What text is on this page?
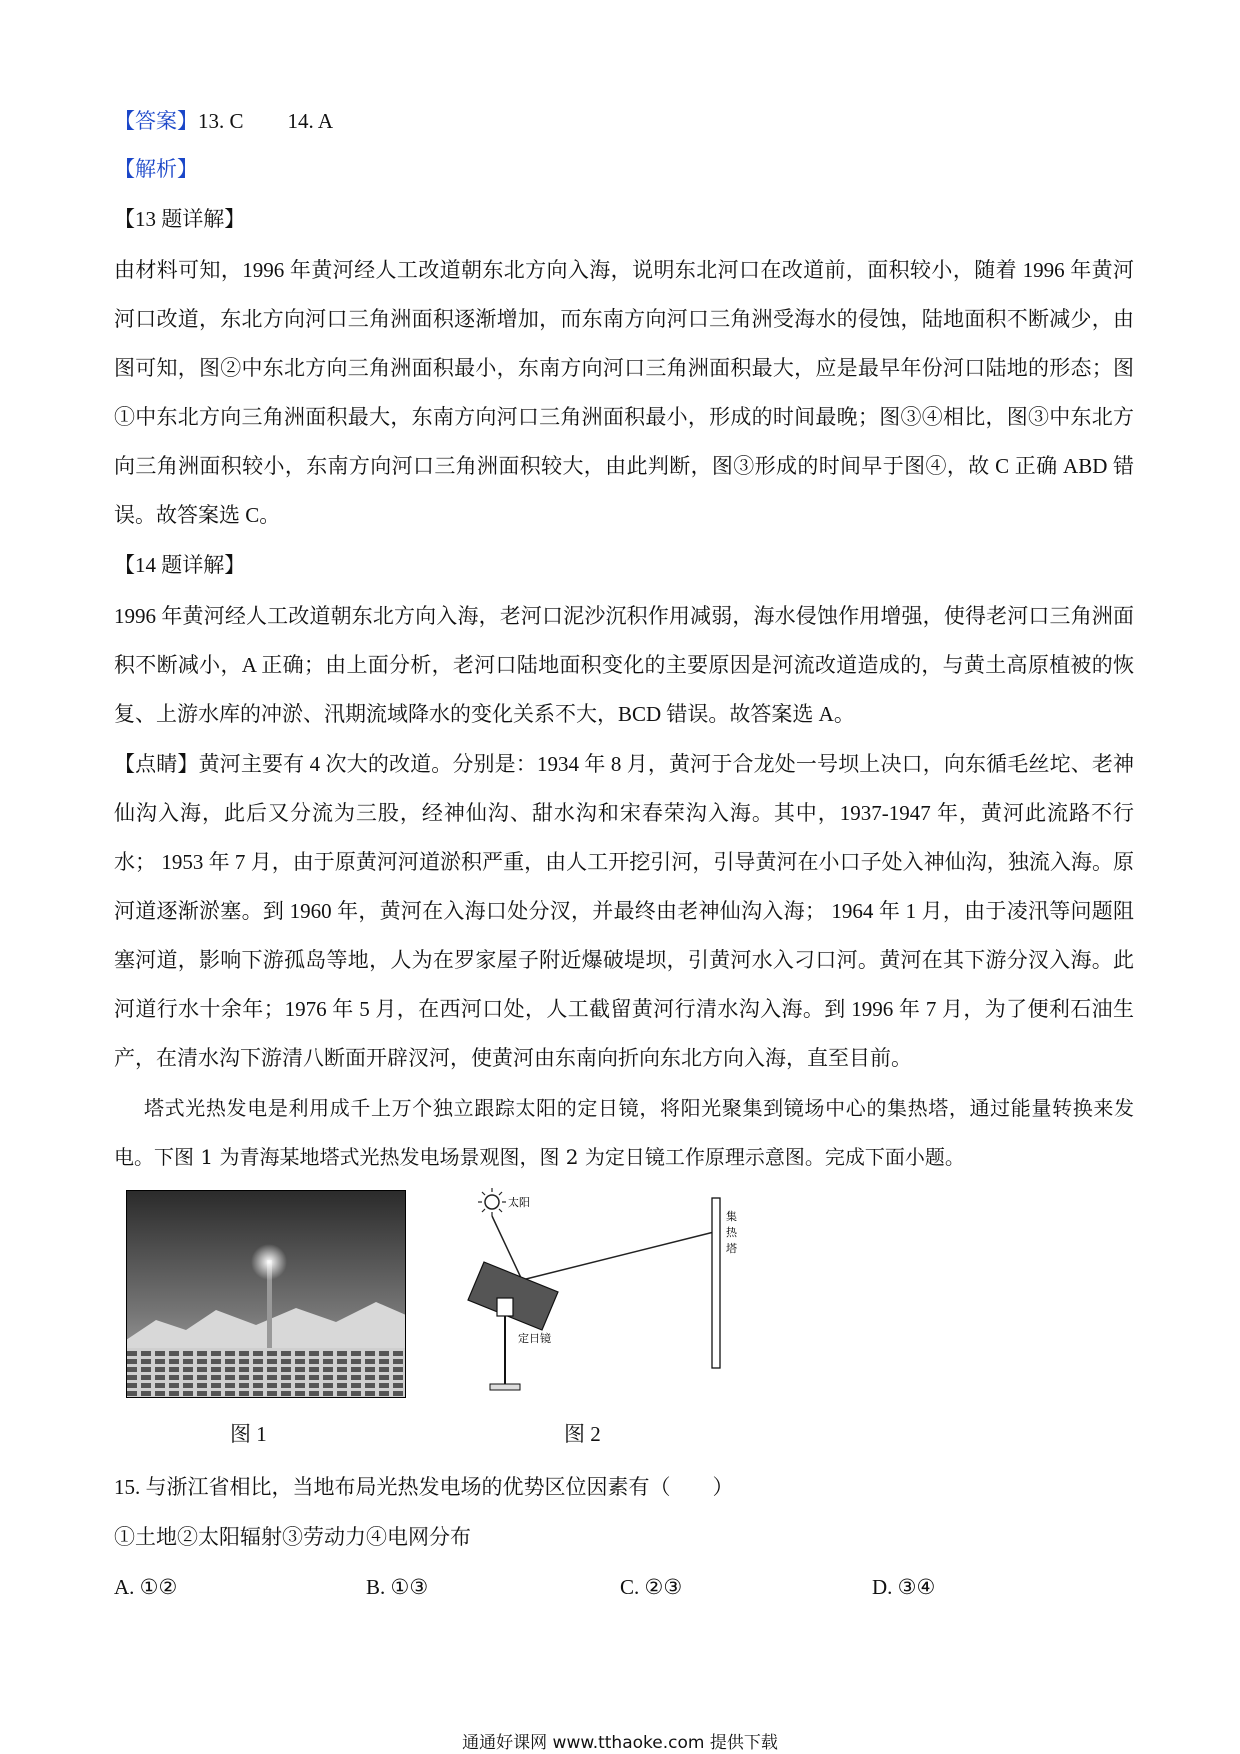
【答案】13. C 14. A
【解析】
【13 题详解】
由材料可知，1996 年黄河经人工改道朝东北方向入海，说明东北河口在改道前，面积较小，随着 1996 年黄河河口改道，东北方向河口三角洲面积逐渐增加，而东南方向河口三角洲受海水的侵蚀，陆地面积不断减少，由图可知，图②中东北方向三角洲面积最小，东南方向河口三角洲面积最大，应是最早年份河口陆地的形态；图①中东北方向三角洲面积最大，东南方向河口三角洲面积最小，形成的时间最晚；图③④相比，图③中东北方向三角洲面积较小，东南方向河口三角洲面积较大，由此判断，图③形成的时间早于图④，故 C 正确 ABD 错误。故答案选 C。
【14 题详解】
1996 年黄河经人工改道朝东北方向入海，老河口泥沙沉积作用减弱，海水侵蚀作用增强，使得老河口三角洲面积不断减小，A 正确；由上面分析，老河口陆地面积变化的主要原因是河流改道造成的，与黄土高原植被的恢复、上游水库的冲淤、汛期流域降水的变化关系不大，BCD 错误。故答案选 A。
【点睛】黄河主要有 4 次大的改道。分别是：1934 年 8 月，黄河于合龙处一号坝上决口，向东循毛丝坨、老神仙沟入海，此后又分流为三股，经神仙沟、甜水沟和宋春荣沟入海。其中，1937-1947 年，黄河此流路不行水； 1953 年 7 月，由于原黄河河道淤积严重，由人工开挖引河，引导黄河在小口子处入神仙沟，独流入海。原河道逐渐淤塞。到 1960 年，黄河在入海口处分汊，并最终由老神仙沟入海； 1964 年 1 月，由于凌汛等问题阻塞河道，影响下游孤岛等地，人为在罗家屋子附近爆破堤坝，引黄河水入刁口河。黄河在其下游分汊入海。此河道行水十余年；1976 年 5 月，在西河口处，人工截留黄河行清水沟入海。到 1996 年 7 月，为了便利石油生产，在清水沟下游清八断面开辟汊河，使黄河由东南向折向东北方向入海，直至目前。
塔式光热发电是利用成千上万个独立跟踪太阳的定日镜，将阳光聚集到镜场中心的集热塔，通过能量转换来发电。下图 1 为青海某地塔式光热发电场景观图，图 2 为定日镜工作原理示意图。完成下面小题。
图 1
太阳
定日镜
集
热
塔
图 2
15. 与浙江省相比，当地布局光热发电场的优势区位因素有（　　）
①土地②太阳辐射③劳动力④电网分布
A. ①②	B. ①③	C. ②③	D. ③④
通通好课网 www.tthaoke.com 提供下载
